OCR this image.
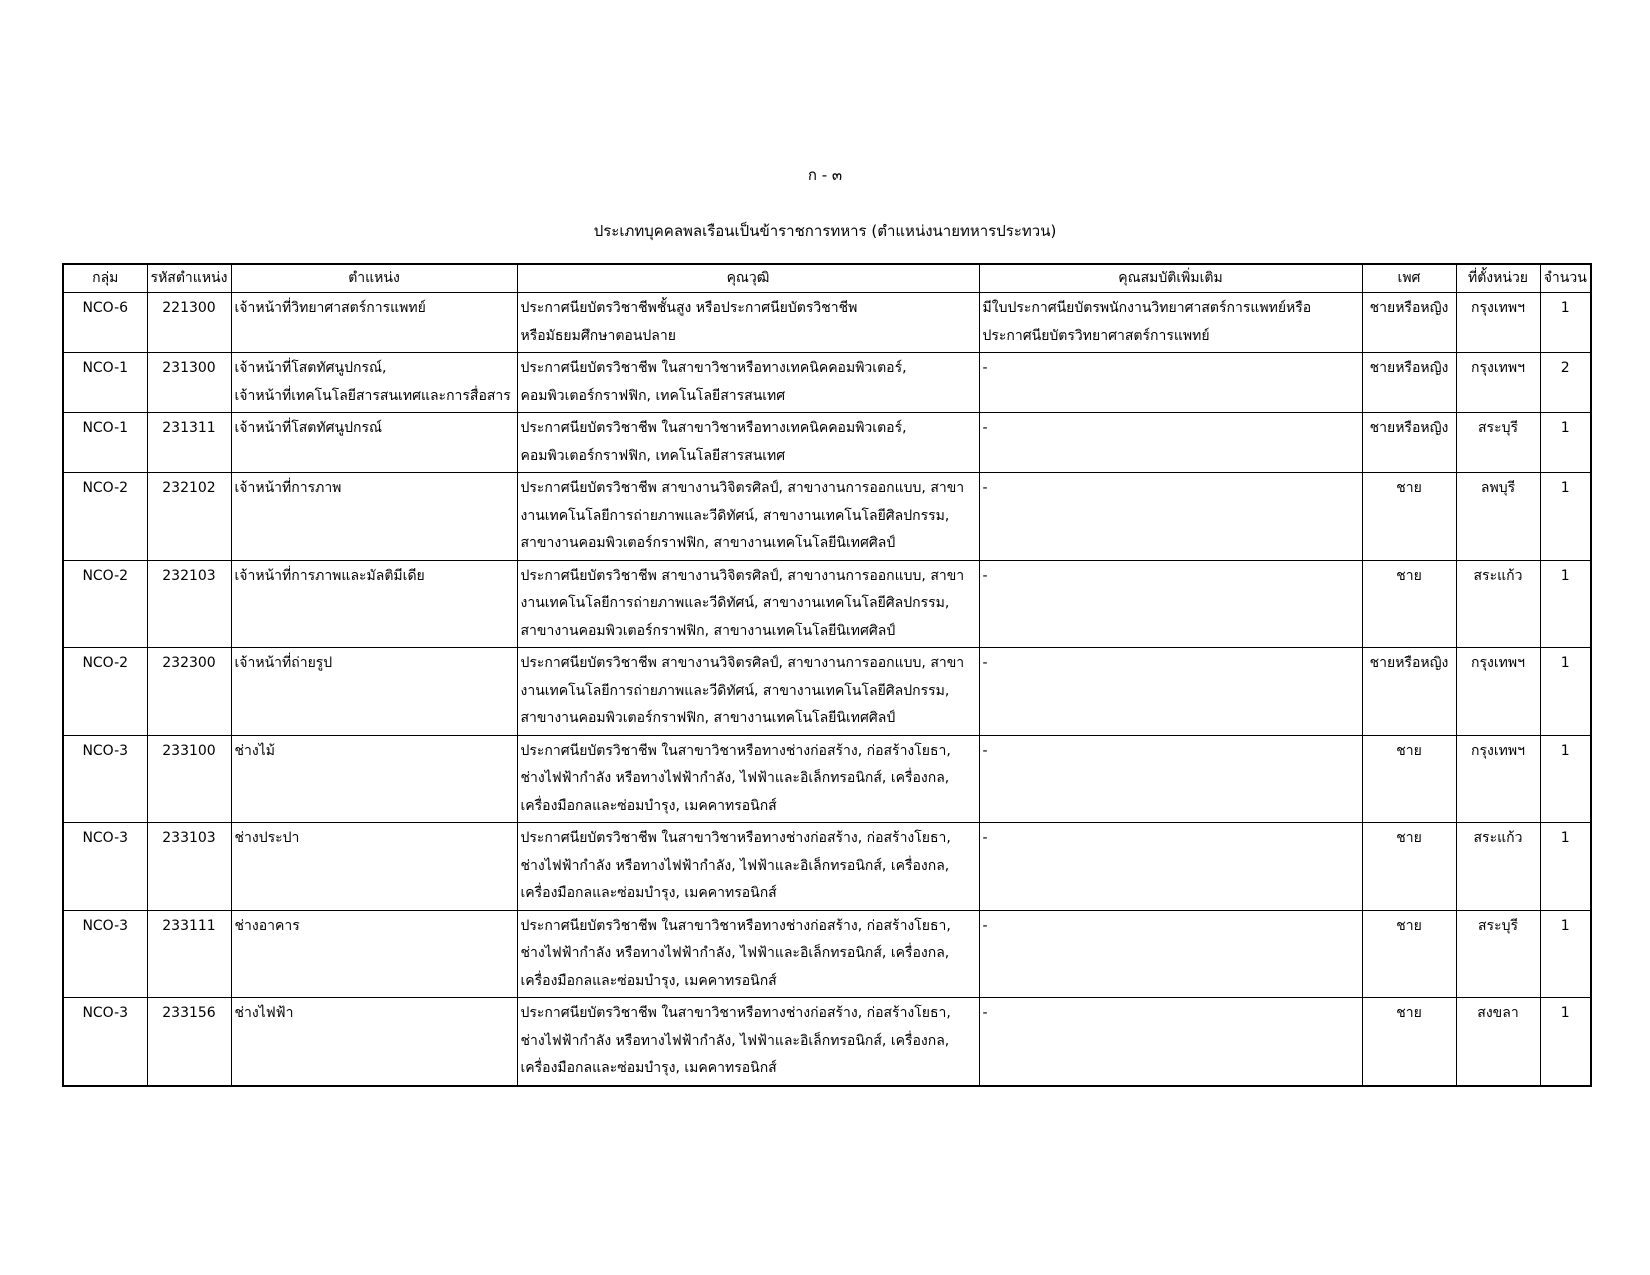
ก - ๓
ประเภทบุคคลพลเรือนเป็นข้าราชการทหาร (ตำแหน่งนายทหารประทวน)
กลุ่ม	รหัสตำแหน่ง	ตำแหน่ง	คุณวุฒิ	คุณสมบัติเพิ่มเติม	เพศ	ที่ตั้งหน่วย	จำนวน
NCO-6	221300	เจ้าหน้าที่วิทยาศาสตร์การแพทย์	ประกาศนียบัตรวิชาชีพชั้นสูง หรือประกาศนียบัตรวิชาชีพ
หรือมัธยมศึกษาตอนปลาย	มีใบประกาศนียบัตรพนักงานวิทยาศาสตร์การแพทย์หรือ
ประกาศนียบัตรวิทยาศาสตร์การแพทย์	ชายหรือหญิง	กรุงเทพฯ	1
NCO-1	231300	เจ้าหน้าที่โสตทัศนูปกรณ์,
เจ้าหน้าที่เทคโนโลยีสารสนเทศและการสื่อสาร	ประกาศนียบัตรวิชาชีพ ในสาขาวิชาหรือทางเทคนิคคอมพิวเตอร์,
คอมพิวเตอร์กราฟฟิก, เทคโนโลยีสารสนเทศ	-	ชายหรือหญิง	กรุงเทพฯ	2
NCO-1	231311	เจ้าหน้าที่โสตทัศนูปกรณ์	ประกาศนียบัตรวิชาชีพ ในสาขาวิชาหรือทางเทคนิคคอมพิวเตอร์,
คอมพิวเตอร์กราฟฟิก, เทคโนโลยีสารสนเทศ	-	ชายหรือหญิง	สระบุรี	1
NCO-2	232102	เจ้าหน้าที่การภาพ	ประกาศนียบัตรวิชาชีพ สาขางานวิจิตรศิลป์, สาขางานการออกแบบ, สาขา
งานเทคโนโลยีการถ่ายภาพและวีดิทัศน์, สาขางานเทคโนโลยีศิลปกรรม,
สาขางานคอมพิวเตอร์กราฟฟิก, สาขางานเทคโนโลยีนิเทศศิลป์	-	ชาย	ลพบุรี	1
NCO-2	232103	เจ้าหน้าที่การภาพและมัลติมีเดีย	ประกาศนียบัตรวิชาชีพ สาขางานวิจิตรศิลป์, สาขางานการออกแบบ, สาขา
งานเทคโนโลยีการถ่ายภาพและวีดิทัศน์, สาขางานเทคโนโลยีศิลปกรรม,
สาขางานคอมพิวเตอร์กราฟฟิก, สาขางานเทคโนโลยีนิเทศศิลป์	-	ชาย	สระแก้ว	1
NCO-2	232300	เจ้าหน้าที่ถ่ายรูป	ประกาศนียบัตรวิชาชีพ สาขางานวิจิตรศิลป์, สาขางานการออกแบบ, สาขา
งานเทคโนโลยีการถ่ายภาพและวีดิทัศน์, สาขางานเทคโนโลยีศิลปกรรม,
สาขางานคอมพิวเตอร์กราฟฟิก, สาขางานเทคโนโลยีนิเทศศิลป์	-	ชายหรือหญิง	กรุงเทพฯ	1
NCO-3	233100	ช่างไม้	ประกาศนียบัตรวิชาชีพ ในสาขาวิชาหรือทางช่างก่อสร้าง, ก่อสร้างโยธา,
ช่างไฟฟ้ากำลัง หรือทางไฟฟ้ากำลัง, ไฟฟ้าและอิเล็กทรอนิกส์, เครื่องกล,
เครื่องมือกลและซ่อมบำรุง, เมคคาทรอนิกส์	-	ชาย	กรุงเทพฯ	1
NCO-3	233103	ช่างประปา	ประกาศนียบัตรวิชาชีพ ในสาขาวิชาหรือทางช่างก่อสร้าง, ก่อสร้างโยธา,
ช่างไฟฟ้ากำลัง หรือทางไฟฟ้ากำลัง, ไฟฟ้าและอิเล็กทรอนิกส์, เครื่องกล,
เครื่องมือกลและซ่อมบำรุง, เมคคาทรอนิกส์	-	ชาย	สระแก้ว	1
NCO-3	233111	ช่างอาคาร	ประกาศนียบัตรวิชาชีพ ในสาขาวิชาหรือทางช่างก่อสร้าง, ก่อสร้างโยธา,
ช่างไฟฟ้ากำลัง หรือทางไฟฟ้ากำลัง, ไฟฟ้าและอิเล็กทรอนิกส์, เครื่องกล,
เครื่องมือกลและซ่อมบำรุง, เมคคาทรอนิกส์	-	ชาย	สระบุรี	1
NCO-3	233156	ช่างไฟฟ้า	ประกาศนียบัตรวิชาชีพ ในสาขาวิชาหรือทางช่างก่อสร้าง, ก่อสร้างโยธา,
ช่างไฟฟ้ากำลัง หรือทางไฟฟ้ากำลัง, ไฟฟ้าและอิเล็กทรอนิกส์, เครื่องกล,
เครื่องมือกลและซ่อมบำรุง, เมคคาทรอนิกส์	-	ชาย	สงขลา	1
